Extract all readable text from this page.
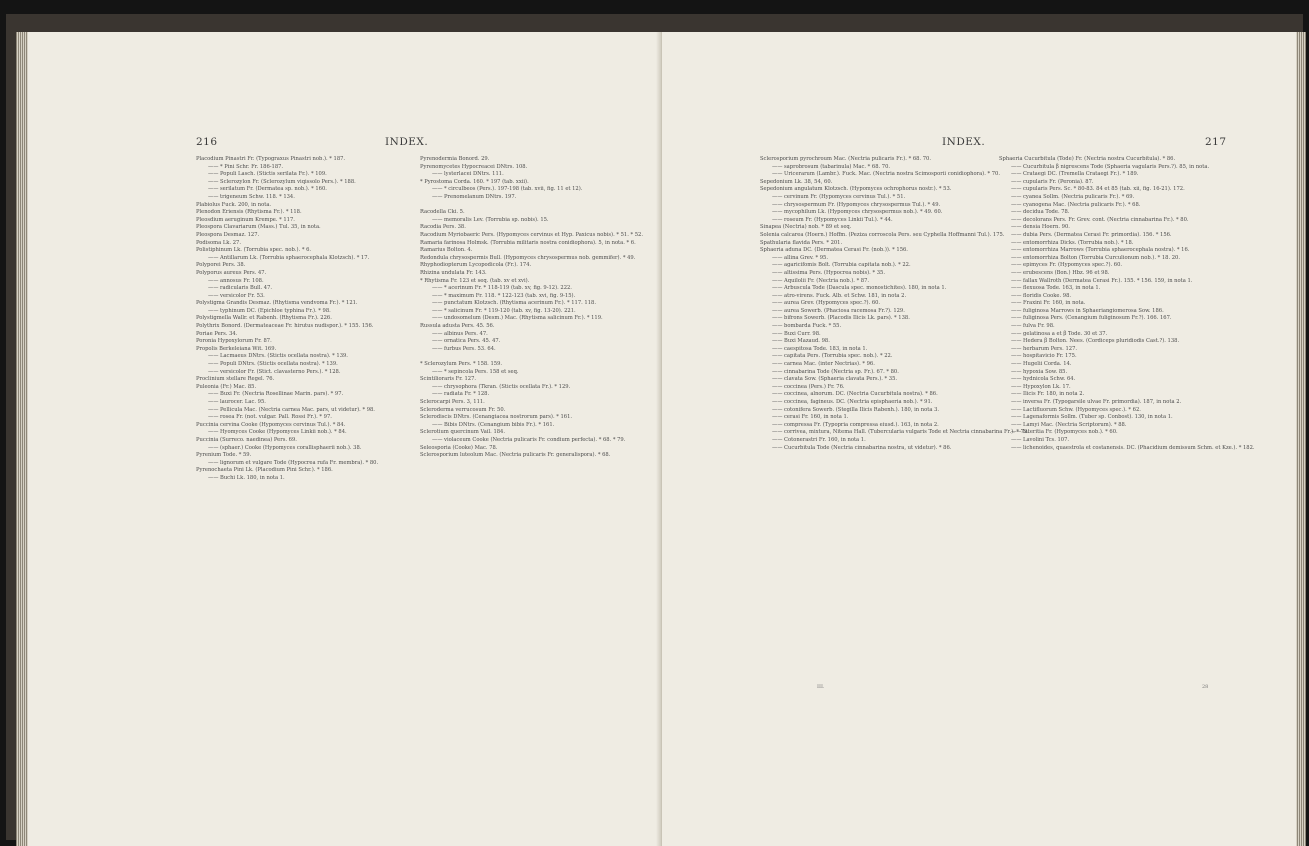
216	INDEX.
Placodium Pinastri Fr. (Typograxus Pinastri nob.). * 187.
—— * Pini Schr. Fr. 186-187.
—— Populi Lasch. (Stictis serilata Fr.). * 109.
—— Sclerozylon Fr. (Sclerozylum viqissolo Pers.). * 188.
—— serilatum Fr. (Dermatea sp. nob.). * 160.
—— trigeneum Schw. 118. * 134.
Plabiolus Fuck. 200, in nota.
Plenodon Eriensis (Rhytisma Fr.). * 118.
Pleosdium aeruginum Krempe. * 117.
Pleospora Clavariarum (Mass.) Tul. 35, in nota.
Pleospora Desmaz. 127.
Podisoma Lk. 27.
Polistiphinum Lk. (Torrubia spec. nob.). * 6.
—— Antillarum Lk. (Torrubia sphaerocephala Klotzsch). * 17.
Polyporei Pers. 38.
Polyporus aureus Pers. 47.
—— annosus Fr. 108.
—— radicularis Bull. 47.
—— versicolor Fr. 53.
Polystigma Grandis Desmaz. (Rhytisma vendvoma Fr.). * 121.
—— typhinum DC. (Epichloe typhina Fr.). * 98.
Polystigmella Wallr. et Rabenh. (Rhytisma Fr.). 226.
Polythrix Bonord. (Dermateaceae Fr. hirutus nudispor.). * 155. 156.
Poriae Pers. 34.
Poronia Hypoxylorum Fr. 87.
Propolis Berkeleiana Wit. 169.
—— Lacmaeus DNtrs. (Stictis ocellata nostra). * 139.
—— Populi DNtrs. (Stictis ocellata nostra). * 139.
—— versicolor Fr. (Stict. clavasterno Pers.). * 128.
Proclinium stellare Regel. 76.
Puleonia (Fr.) Mac. 85.
—— Buxi Fr. (Nectria Rosellinae Marin. pars). * 97.
—— laurocer. Lac. 95.
—— Pellicula Mac. (Nectria carnea Mac. pars, ut videtur). * 98.
—— rosea Fr. (not. vulgar. Pall. Rossi Fr.). * 97.
Puccinia cervina Cooke (Hypomyces cervinus Tul.). * 84.
—— Hyomyces Cooke (Hypomyces Linkii nob.). * 84.
Puccinia (Surreco. naedinea) Pers. 69.
—— (sphaer.) Cooke (Hypomyces corallisphaerii nob.). 38.
Pyrenium Tode. * 59.
—— lignorum et vulgare Tode (Hypocrea rufa Fr. membra). * 80.
Pyrenochaeta Pini Lk. (Placodium Pini Schr.). * 186.
—— Buchi Lk. 180, in nota 1.
Pyrenodermia Bonord. 29.
Pyrenomycetes Hypocreacei DNtrs. 108.
—— lysterlacei DNtrs. 111.
* Pyrostoma Corda. 160. * 197 (tab. xxii).
—— * circulbeos (Pers.). 197-198 (tab. xvii, fig. 11 et 12).
—— Prenomelanum DNtrs. 197.

Racodella Cki. 5.
—— memoralis Lev. (Torrubia sp. nobis). 15.
Racodia Pers. 38.
Racodium Myriobaeric Pers. (Hypomyces cervinus et Hyp. Paxicus nobis). * 51. * 52.
Ramaria farinosa Holmsk. (Torrubia militaris nostra conidiophora). 5, in nota. * 6.
Ramarius Bolton. 4.
Redondula chrysospermis Bull. (Hypomyces chrysospermus nob. gemmifer). * 49.
Rhyphodiopterum Lycopodicola (Fr.). 174.
Rhizina undulata Fr. 143.
* Rhytisma Fr. 123 et seq. (tab. xv et xvi).
—— * acerinum Fr. * 118-119 (tab. xv, fig. 9-12). 222.
—— * maximum Fr. 118. * 122-123 (tab. xvi, fig. 9-15).
—— punctatum Klotzsch. (Rhytisma acerinum Fr.). * 117. 118.
—— * salicinum Fr. * 119-120 (tab. xv, fig. 13-20). 221.
—— undosomelum (Desm.) Mac. (Rhytisma salicinum Fr.). * 119.
Russula adusta Pers. 45. 56.
—— albinus Pers. 47.
—— ornatica Pers. 45. 47.
—— furbus Pers. 53. 64.

* Sclerozylum Pers. * 158. 159.
—— * sepincola Pers. 158 et seq.
Scintilioraris Fr. 127.
—— chrysophora (Tkran. (Stictis ocellata Fr.). * 129.
—— radiata Fr. * 128.
Sclerocarpi Pers. 3, 111.
Scleroderma verrucosum Fr. 50.
Sclerodiscis DNtrs. (Cenangiacea nostrorum pars). * 161.
—— Bibis DNtrs. (Cenangium bibis Fr.). * 161.
Sclerotium quercinum Vail. 184.
—— violaceum Cooke (Nectria pulicaris Fr. condium perfecta). * 68. * 79.
Seleosporia (Cooke) Mac. 78.
Sclerosporium luteolum Mac. (Nectria pulicaris Fr. generalispora). * 68.
INDEX.	217
Sclerosporium pyrochroum Mac. (Nectria pulicaris Fr.). * 68. 70.
—— saprobrosum (tabarinula) Mac. * 68. 70.
—— Uricerarum (Lambr.). Fuck. Mac. (Nectria nostra Scimosporii conidiophora). * 70.
Sepedonium Lk. 38, 54, 60.
Sepedonium angulatum Klotzsch. (Hypomyces ochrophorus nostr.). * 53.
—— cervinum Fr. (Hypomyces cervinus Tul.). * 51.
—— chrysospermum Fr. (Hypomyces chrysospermus Tul.). * 49.
—— mycophilum Lk. (Hypomyces chrysospermus nob.). * 49. 60.
—— roseum Fr. (Hypomyces Linkii Tul.). * 44.
Sinapea (Nectria) nob. * 89 et seq.
Solenia calcarea (Hoern.) Hoffm. (Peziza corroscola Pers. seu Cyphella Hoffmanni Tul.). 175.
Spathularia flavida Pers. * 201.
Sphaeria aduna DC. (Dermatea Cerasi Fr. (nob.)). * 156.
—— allina Grev. * 95.
—— agaricifomis Bolt. (Torrubia capitata nob.). * 22.
—— altissima Pers. (Hypocrea nobis). * 35.
—— Aquilolii Fr. (Nectria nob.). * 87.
—— Arbuscula Tode (Dascula spec. monostichites). 180, in nota 1.
—— atro-virens. Fuck. Alb. et Schw. 181, in nota 2.
—— aurea Grev. (Hypomyces spec.?). 60.
—— aurea Sowerb. (Phaciosa racemosa Fr.?). 129.
—— bifrons Sowerb. (Placodis Ilicis Lk. pars). * 138.
—— bombarda Fuck. * 55.
—— Buxi Curr. 98.
—— Buxi Mazaud. 98.
—— caespitosa Tode. 183, in nota 1.
—— capitata Pers. (Torrubia spec. nob.). * 22.
—— carnea Mac. (inter Nectrias). * 96.
—— cinnabarina Tode (Nectria sp. Fr.). 67. * 80.
—— clavata Sow. (Sphaeria clavata Pers.). * 35.
—— coccinea (Pers.) Fr. 76.
—— coccinea, alnorum. DC. (Nectria Cucurbitula nostra). * 86.
—— coccinea, fagineus. DC. (Nectria episphaeria nob.). * 91.
—— cotonifera Sowerb. (Stegilla Ilicis Rabenh.). 180, in nota 3.
—— cerasi Fr. 160, in nota 1.
—— compressa Fr. (Typopria compressa eiusd.). 163, in nota 2.
—— corrivea, mixtura, Nitema Hall. (Tubercularia vulgaris Tode et Nectria cinnabarina Fr.). * 79.
—— Cotonerastri Fr. 160, in nota 1.
—— Cucurbitula Tode (Nectria cinnabarina nostra, ut videtur). * 86.
Sphaeria Cucurbitula (Tode) Fr. (Nectria nostra Cucurbitula). * 86.
—— Cucurbitula β nigrescens Tode (Sphaeria vagularis Pers.?). 85, in nota.
—— Crataegi DC. (Tremella Crataegi Fr.). * 189.
—— cupularis Fr. (Peronia). 87.
—— cupularis Pers. Sc. * 80-83. 84 et 85 (tab. xii, fig. 16-21). 172.
—— cyanea Sollm. (Nectria pulicaris Fr.). * 69.
—— cyanogena Mac. (Nectria pulicaris Fr.). * 68.
—— decidua Tode. 78.
—— decolorans Pers. Fr. Grev. cont. (Nectria cinnabarina Fr.). * 80.
—— densia Hoern. 90.
—— dubia Pers. (Dermatea Cerasi Fr. primordia). 156. * 156.
—— entomorrhiza Dicks. (Torrubia nob.). * 18.
—— entomorrhiza Marrows (Torrubia sphaerocephala nostra). * 16.
—— entomorrhiza Bolton (Torrubia Curculionum nob.). * 18. 20.
—— epimyces Fr. (Hypomyces spec.?). 60.
—— erubescens (Bon.) Hbz. 96 et 98.
—— fallax Wallroth (Dermatea Cerasi Fr.). 155. * 156. 159, in nota 1.
—— flexuosa Tode. 163, in nota 1.
—— floridis Cooke. 98.
—— Fraxini Fr. 160, in nota.
—— fuliginosa Marrows in Sphaeriangiomerosa Sow. 186.
—— fuliginosa Pers. (Cenangium fuliginosum Fr.?). 166. 167.
—— fulva Fr. 98.
—— gelatinosa a et β Tode. 30 et 37.
—— Hedera β Bolton. Nees. (Cordiceps pluridiodis Cast.?). 138.
—— herbarum Pers. 127.
—— hospitavicio Fr. 175.
—— Hugelii Corda. 14.
—— hypoxia Sow. 85.
—— hydnicola Schw. 64.
—— Hypoxylon Lk. 17.
—— Ilicis Fr. 180, in nota 2.
—— inversa Fr. (Typogarsile ulvae Fr. primordia). 187, in nota 2.
—— Lactifluorum Schw. (Hypomyces spec.). * 62.
—— Lagenaformis Sollm. (Tuber sp. Conbost). 130, in nota 1.
—— Lamyi Mac. (Nectria Scriptorum). * 88.
—— lateritia Fr. (Hypomyces nob.). * 60.
—— Lavolini Tcs. 107.
—— lichenoides, quaestrola et costanensis. DC. (Phacidium demissum Schm. et Kze.). * 182.
III.	28
